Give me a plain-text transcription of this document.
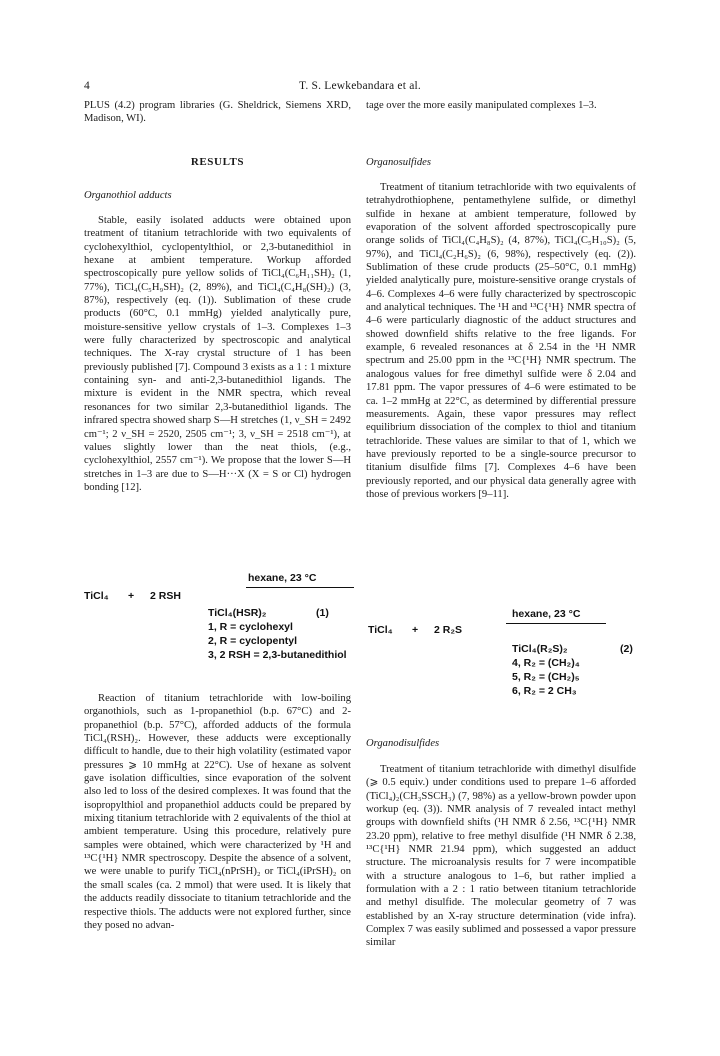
4	T. S. Lewkebandara et al.

PLUS (4.2) program libraries (G. Sheldrick, Siemens XRD, Madison, WI).

RESULTS
Organothiol adducts

Stable, easily isolated adducts were obtained upon treatment of titanium tetrachloride with two equivalents of cyclohexylthiol, cyclopentylthiol, or 2,3-butanedithiol in hexane at ambient temperature. Workup afforded spectroscopically pure yellow solids of TiCl₄(C₆H₁₁SH)₂ (1, 77%), TiCl₄(C₅H₉SH)₂ (2, 89%), and TiCl₄(C₄H₈(SH)₂) (3, 87%), respectively (eq. (1)). Sublimation of these crude products (60°C, 0.1 mmHg) yielded analytically pure, moisture-sensitive yellow crystals of 1–3. Complexes 1–3 were fully characterized by spectroscopic and analytical techniques. The X-ray crystal structure of 1 has been previously published [7]. Compound 3 exists as a 1 : 1 mixture containing syn- and anti-2,3-butanedithiol ligands. The mixture is evident in the NMR spectra, which reveal resonances for two similar 2,3-butanedithiol ligands. The infrared spectra showed sharp S—H stretches (1, ν_SH = 2492 cm⁻¹; 2 ν_SH = 2520, 2505 cm⁻¹; 3, ν_SH = 2518 cm⁻¹), at values slightly lower than the neat thiols, (e.g., cyclohexylthiol, 2557 cm⁻¹). We propose that the lower S—H stretches in 1–3 are due to S—H···X (X = S or Cl) hydrogen bonding [12].

TiCl₄ + 2 RSH
hexane, 23 °C
TiCl₄(HSR)₂	(1)
1, R = cyclohexyl
2, R = cyclopentyl
3, 2 RSH = 2,3-butanedithiol

Reaction of titanium tetrachloride with low-boiling organothiols, such as 1-propanethiol (b.p. 67°C) and 2-propanethiol (b.p. 57°C), afforded adducts of the formula TiCl₄(RSH)₂. However, these adducts were exceptionally difficult to handle, due to their high volatility (estimated vapor pressures ⩾ 10 mmHg at 22°C). Use of hexane as solvent gave isolation difficulties, since evaporation of the solvent also led to loss of the desired complexes. It was found that the isopropylthiol and propanethiol adducts could be prepared by mixing titanium tetrachloride with 2 equivalents of the thiol at ambient temperature. Using this procedure, relatively pure samples were obtained, which were characterized by ¹H and ¹³C{¹H} NMR spectroscopy. Despite the absence of a solvent, we were unable to purify TiCl₄(nPrSH)₂ or TiCl₄(iPrSH)₂ on the small scales (ca. 2 mmol) that were used. It is likely that the adducts readily dissociate to titanium tetrachloride and the respective thiols. The adducts were not explored further, since they posed no advan-

tage over the more easily manipulated complexes 1–3.

Organosulfides

Treatment of titanium tetrachloride with two equivalents of tetrahydrothiophene, pentamethylene sulfide, or dimethyl sulfide in hexane at ambient temperature, followed by evaporation of the solvent afforded spectroscopically pure orange solids of TiCl₄(C₄H₈S)₂ (4, 87%), TiCl₄(C₅H₁₀S)₂ (5, 97%), and TiCl₄(C₂H₆S)₂ (6, 98%), respectively (eq. (2)). Sublimation of these crude products (25–50°C, 0.1 mmHg) yielded analytically pure, moisture-sensitive orange crystals of 4–6. Complexes 4–6 were fully characterized by spectroscopic and analytical techniques. The ¹H and ¹³C{¹H} NMR spectra of 4–6 were particularly diagnostic of the adduct structures and showed downfield shifts relative to the free ligands. For example, 6 revealed resonances at δ 2.54 in the ¹H NMR spectrum and 25.00 ppm in the ¹³C{¹H} NMR spectrum. The analogous values for free dimethyl sulfide were δ 2.04 and 17.81 ppm. The vapor pressures of 4–6 were estimated to be ca. 1–2 mmHg at 22°C, as determined by differential pressure measurements. Again, these vapor pressures may reflect equilibrium dissociation of the complex to thiol and titanium tetrachloride. These values are similar to that of 1, which we have previously reported to be a single-source precursor to titanium disulfide films [7]. Complexes 4–6 have been previously reported, and our physical data generally agree with those of previous workers [9–11].

TiCl₄ + 2 R₂S
hexane, 23 °C
TiCl₄(R₂S)₂	(2)
4, R₂ = (CH₂)₄
5, R₂ = (CH₂)₅
6, R₂ = 2 CH₃
Organodisulfides

Treatment of titanium tetrachloride with dimethyl disulfide (⩾ 0.5 equiv.) under conditions used to prepare 1–6 afforded (TiCl₄)₂(CH₃SSCH₃) (7, 98%) as a yellow-brown powder upon workup (eq. (3)). NMR analysis of 7 revealed intact methyl groups with downfield shifts (¹H NMR δ 2.56, ¹³C{¹H} NMR 23.20 ppm), relative to free methyl disulfide (¹H NMR δ 2.38, ¹³C{¹H} NMR 21.94 ppm), which suggested an adduct structure. The microanalysis results for 7 were incompatible with a structure analogous to 1–6, but rather implied a formulation with a 2 : 1 ratio between titanium tetrachloride and methyl disulfide. The molecular geometry of 7 was established by an X-ray structure determination (vide infra). Complex 7 was easily sublimed and possessed a vapor pressure similar
